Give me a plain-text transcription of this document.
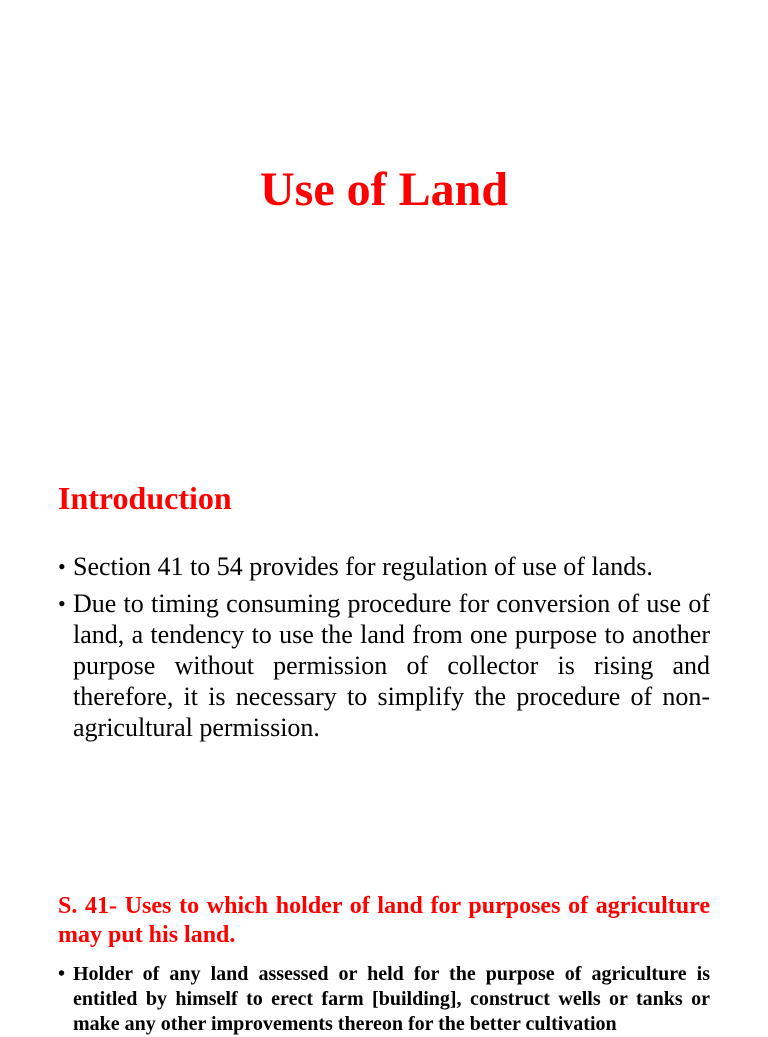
Use of Land
Introduction
• Section 41 to 54 provides for regulation of use of lands.
• Due to timing consuming procedure for conversion of use of land, a tendency to use the land from one purpose to another purpose without permission of collector is rising and therefore, it is necessary to simplify the procedure of non-agricultural permission.
S. 41- Uses to which holder of land for purposes of agriculture may put his land.
• Holder of any land assessed or held for the purpose of agriculture is entitled by himself to erect farm [building], construct wells or tanks or make any other improvements thereon for the better cultivation
